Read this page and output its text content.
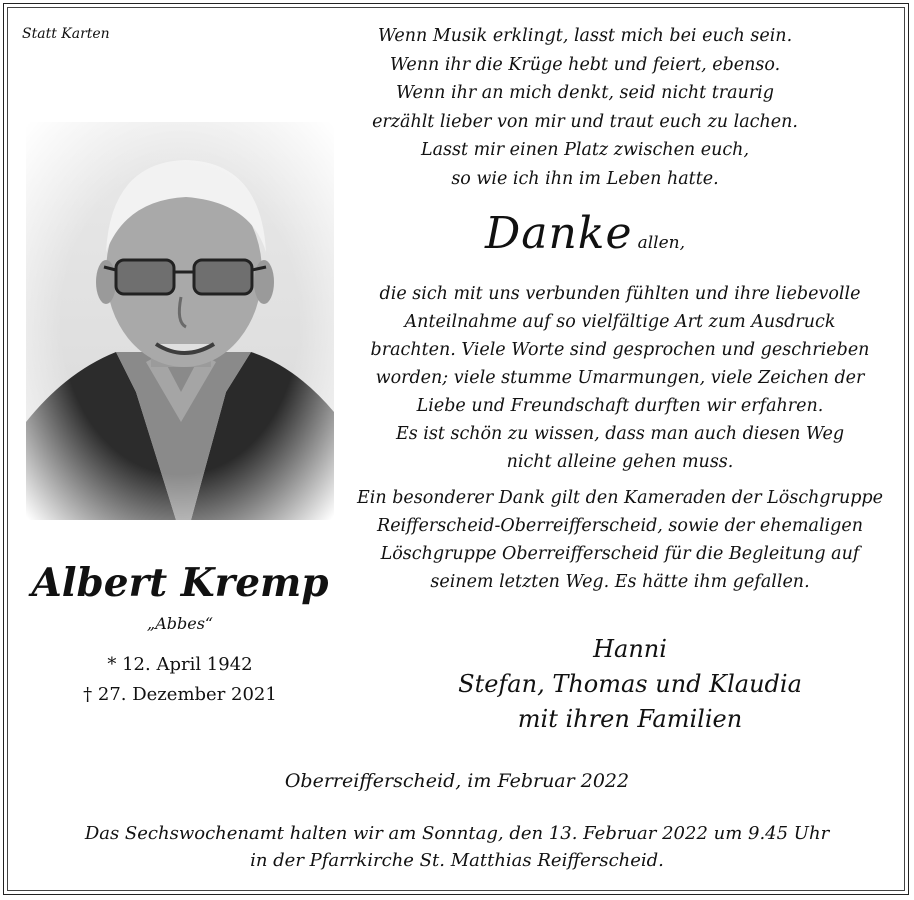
Statt Karten	Wenn Musik erklingt, lasst mich bei euch sein.
Wenn ihr die Krüge hebt und feiert, ebenso.
Wenn ihr an mich denkt, seid nicht traurig
erzählt lieber von mir und traut euch zu lachen.
Lasst mir einen Platz zwischen euch,
so wie ich ihn im Leben hatte.
Danke allen,
die sich mit uns verbunden fühlten und ihre liebevolle
Anteilnahme auf so vielfältige Art zum Ausdruck
brachten. Viele Worte sind gesprochen und geschrieben
worden; viele stumme Umarmungen, viele Zeichen der
Liebe und Freundschaft durften wir erfahren.
Es ist schön zu wissen, dass man auch diesen Weg
nicht alleine gehen muss.
Ein besonderer Dank gilt den Kameraden der Löschgruppe
Reifferscheid-Oberreifferscheid, sowie der ehemaligen
Löschgruppe Oberreifferscheid für die Begleitung auf
seinem letzten Weg. Es hätte ihm gefallen.
Hanni
Stefan, Thomas und Klaudia
mit ihren Familien
Albert Kremp
„Abbes“
* 12. April 1942
† 27. Dezember 2021
Oberreifferscheid, im Februar 2022
Das Sechswochenamt halten wir am Sonntag, den 13. Februar 2022 um 9.45 Uhr
in der Pfarrkirche St. Matthias Reifferscheid.
